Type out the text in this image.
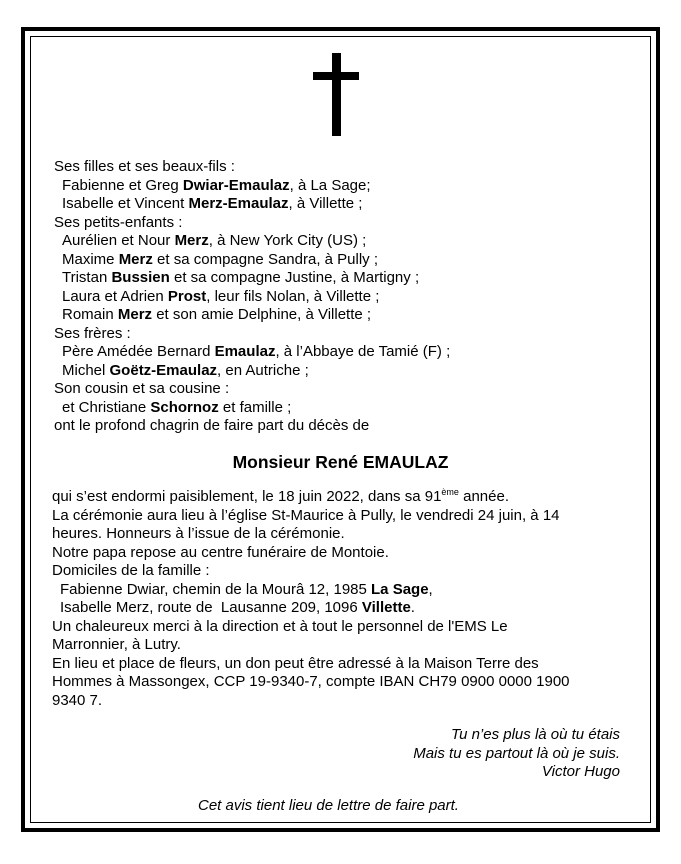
Ses filles et ses beaux-fils :
Fabienne et Greg Dwiar-Emaulaz, à La Sage;
Isabelle et Vincent Merz-Emaulaz, à Villette ;
Ses petits-enfants :
Aurélien et Nour Merz, à New York City (US) ;
Maxime Merz et sa compagne Sandra, à Pully ;
Tristan Bussien et sa compagne Justine, à Martigny ;
Laura et Adrien Prost, leur fils Nolan, à Villette ;
Romain Merz et son amie Delphine, à Villette ;
Ses frères :
Père Amédée Bernard Emaulaz, à l’Abbaye de Tamié (F) ;
Michel Goëtz-Emaulaz, en Autriche ;
Son cousin et sa cousine :
et Christiane Schornoz et famille ;
ont le profond chagrin de faire part du décès de
Monsieur René EMAULAZ
qui s’est endormi paisiblement, le 18 juin 2022, dans sa 91ème année.
La cérémonie aura lieu à l’église St-Maurice à Pully, le vendredi 24 juin, à 14
heures. Honneurs à l’issue de la cérémonie.
Notre papa repose au centre funéraire de Montoie.
Domiciles de la famille :
Fabienne Dwiar, chemin de la Mourâ 12, 1985 La Sage,
Isabelle Merz, route de  Lausanne 209, 1096 Villette.
Un chaleureux merci à la direction et à tout le personnel de l'EMS Le
Marronnier, à Lutry.
En lieu et place de fleurs, un don peut être adressé à la Maison Terre des
Hommes à Massongex, CCP 19-9340-7, compte IBAN CH79 0900 0000 1900
9340 7.
Tu n’es plus là où tu étais
Mais tu es partout là où je suis.
Victor Hugo
Cet avis tient lieu de lettre de faire part.
